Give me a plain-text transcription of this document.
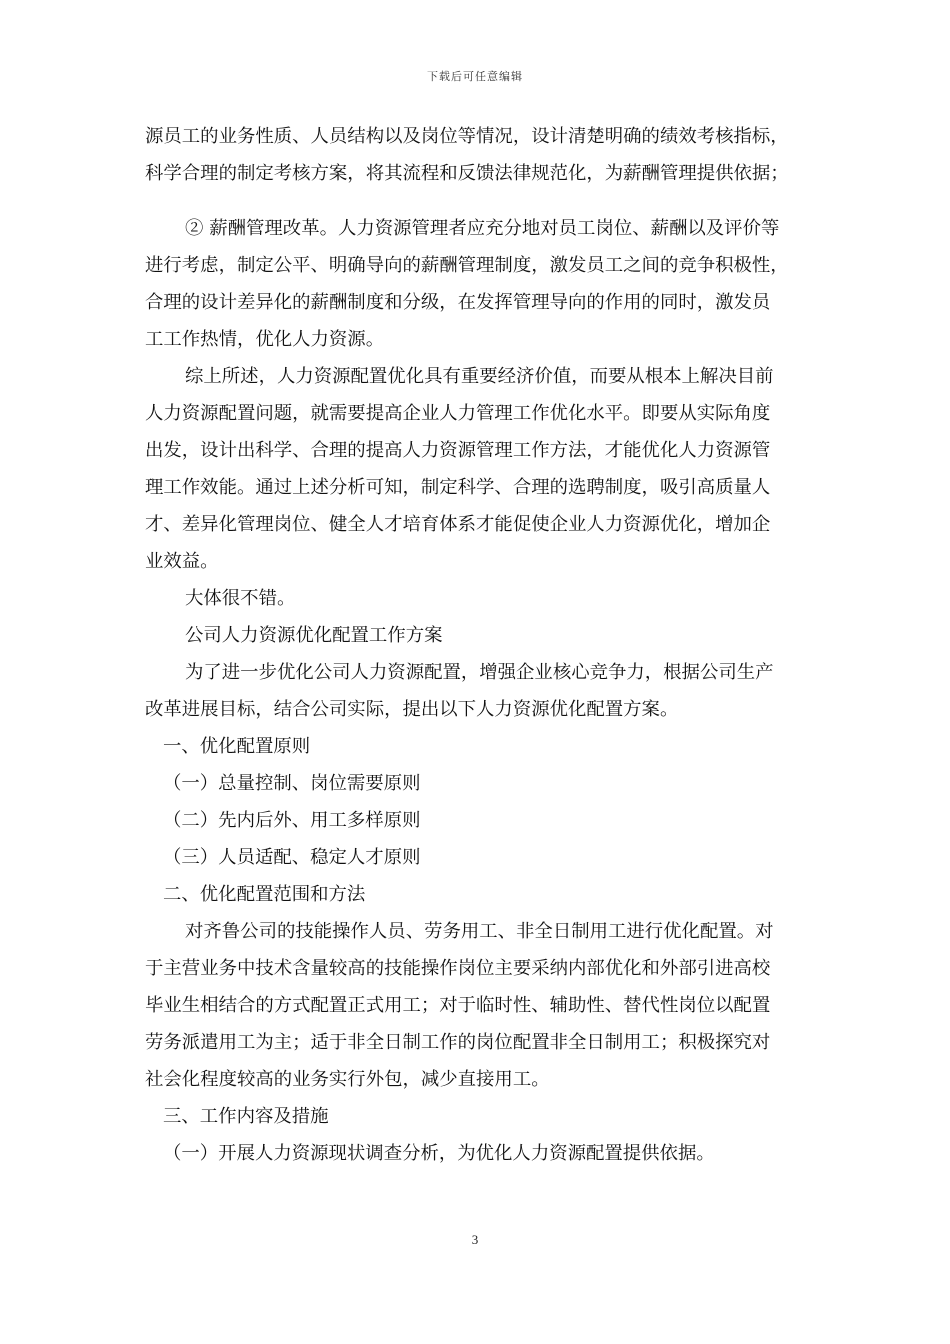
下载后可任意编辑
源员工的业务性质、人员结构以及岗位等情况，设计清楚明确的绩效考核指标，
科学合理的制定考核方案，将其流程和反馈法律规范化，为薪酬管理提供依据；
② 薪酬管理改革。人力资源管理者应充分地对员工岗位、薪酬以及评价等
进行考虑，制定公平、明确导向的薪酬管理制度，激发员工之间的竞争积极性，
合理的设计差异化的薪酬制度和分级，在发挥管理导向的作用的同时，激发员
工工作热情，优化人力资源。
综上所述，人力资源配置优化具有重要经济价值，而要从根本上解决目前
人力资源配置问题，就需要提高企业人力管理工作优化水平。即要从实际角度
出发，设计出科学、合理的提高人力资源管理工作方法，才能优化人力资源管
理工作效能。通过上述分析可知，制定科学、合理的选聘制度，吸引高质量人
才、差异化管理岗位、健全人才培育体系才能促使企业人力资源优化，增加企
业效益。
大体很不错。
公司人力资源优化配置工作方案
为了进一步优化公司人力资源配置，增强企业核心竞争力，根据公司生产
改革进展目标，结合公司实际，提出以下人力资源优化配置方案。
一、优化配置原则
（一）总量控制、岗位需要原则
（二）先内后外、用工多样原则
（三）人员适配、稳定人才原则
二、优化配置范围和方法
对齐鲁公司的技能操作人员、劳务用工、非全日制用工进行优化配置。对
于主营业务中技术含量较高的技能操作岗位主要采纳内部优化和外部引进高校
毕业生相结合的方式配置正式用工；对于临时性、辅助性、替代性岗位以配置
劳务派遣用工为主；适于非全日制工作的岗位配置非全日制用工；积极探究对
社会化程度较高的业务实行外包，减少直接用工。
三、工作内容及措施
（一）开展人力资源现状调查分析，为优化人力资源配置提供依据。
3
